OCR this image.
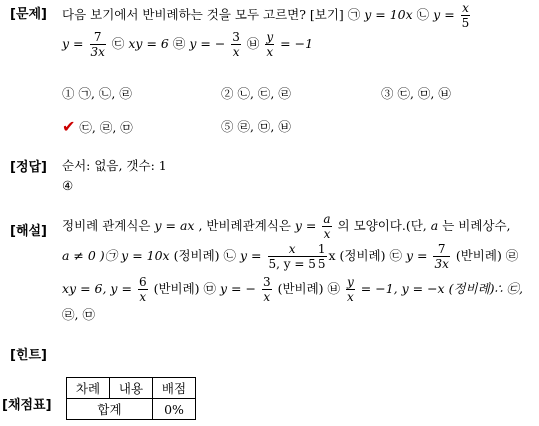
[문제]
[정답]
[해설]
[힌트]
[채점표]
다음 보기에서 반비례하는 것을 모두 고르면? [보기] ㉠ y = 10x ㉡ $y = \frac{x}{5}$
$y = \frac{7}{3x}$ ㉢ xy = 6 ㉣ y = − $\frac{3}{x}$ ㉥ $\frac{y}{x} = -1$
① ㉠, ㉡, ㉣	② ㉡, ㉢, ㉣	③ ㉢, ㉤, ㉥
✔ ㉢, ㉣, ㉤	⑤ ㉣, ㉤, ㉥
순서: 없음, 갯수: 1
④
정비례 관계식은 y = ax , 반비례관계식은 $y = \frac{a}{x}$ 의 모양이다.(단, a 는 비례상수,
a ≠ 0 )㉠ y = 10x (정비례) ㉡ $y = \frac{x}{5, y = 5}$
$\frac{1}{5}$ x (정비례) ㉢ $y = \frac{7}{3x}$ (반비례) ㉣
xy = 6, $y = \frac{6}{x}$ (반비례) ㉤ y = − $\frac{3}{x}$ (반비례) ㉥ $\frac{y}{x} = -1$, y = −x (정비례)∴ ㉢,
㉣, ㉤
차례	내용	배점
합계		0%
